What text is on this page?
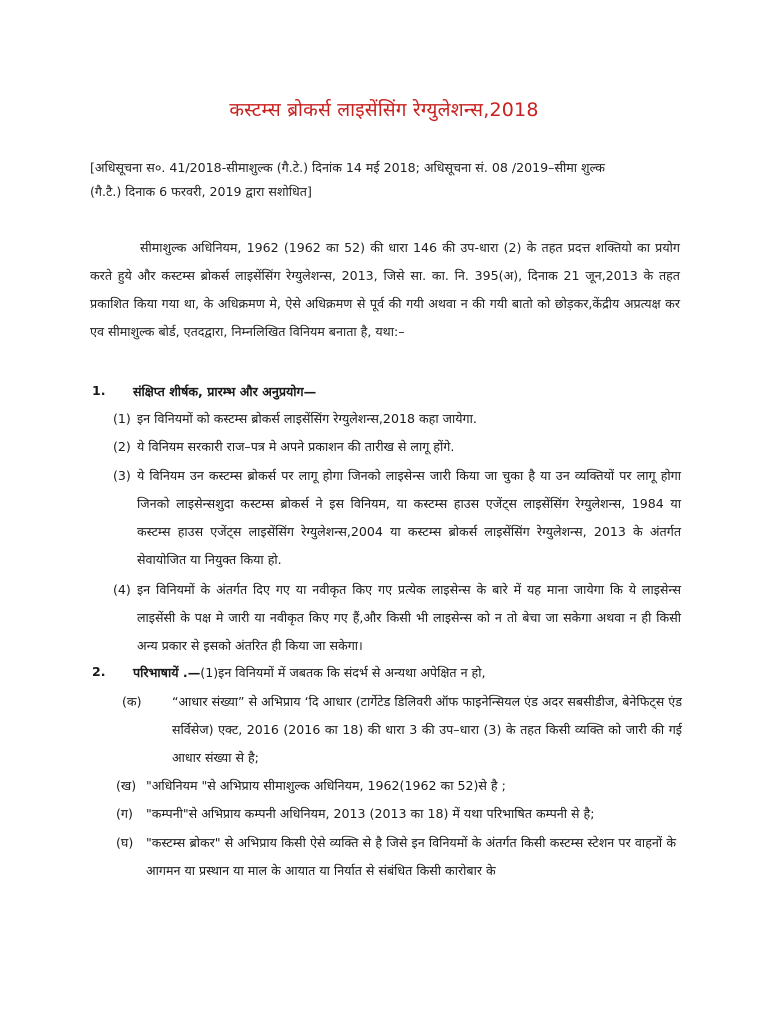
कस्टम्स ब्रोकर्स लाइसेंसिंग रेग्युलेशन्स,2018
[अधिसूचना स०. 41/2018-सीमाशुल्क (गै.टे.) दिनांक 14 मई 2018; अधिसूचना सं. 08 /2019–सीमा शुल्क
(गै.टै.) दिनाक 6 फरवरी, 2019 द्वारा सशोधित]
सीमाशुल्क अधिनियम, 1962 (1962 का 52) की धारा 146 की उप-धारा (2) के तहत प्रदत्त शक्तियो का प्रयोग करते हुये और कस्टम्स ब्रोकर्स लाइसेंसिंग रेग्युलेशन्स, 2013, जिसे सा. का. नि. 395(अ), दिनाक 21 जून,2013 के तहत प्रकाशित किया गया था, के अधिक्रमण मे, ऐसे अधिक्रमण से पूर्व की गयी अथवा न की गयी बातो को छोड़कर,केंद्रीय अप्रत्यक्ष कर एव सीमाशुल्क बोर्ड, एतदद्वारा, निम्नलिखित विनियम बनाता है, यथा:–
1. संक्षिप्त शीर्षक, प्रारम्भ और अनुप्रयोग—
(1) इन विनियमों को कस्टम्स ब्रोकर्स लाइसेंसिंग रेग्युलेशन्स,2018 कहा जायेगा.
(2) ये विनियम सरकारी राज–पत्र मे अपने प्रकाशन की तारीख से लागू होंगे.
(3) ये विनियम उन कस्टम्स ब्रोकर्स पर लागू होगा जिनको लाइसेन्स जारी किया जा चुका है या उन व्यक्तियों पर लागू होगा जिनको लाइसेन्सशुदा कस्टम्स ब्रोकर्स ने इस विनियम, या कस्टम्स हाउस एजेंट्स लाइसेंसिंग रेग्युलेशन्स, 1984 या कस्टम्स हाउस एजेंट्स लाइसेंसिंग रेग्युलेशन्स,2004 या कस्टम्स ब्रोकर्स लाइसेंसिंग रेग्युलेशन्स, 2013 के अंतर्गत सेवायोजित या नियुक्त किया हो.
(4) इन विनियमों के अंतर्गत दिए गए या नवीकृत किए गए प्रत्येक लाइसेन्स के बारे में यह माना जायेगा कि ये लाइसेन्स लाइसेंसी के पक्ष मे जारी या नवीकृत किए गए हैं,और किसी भी लाइसेन्स को न तो बेचा जा सकेगा अथवा न ही किसी अन्य प्रकार से इसको अंतरित ही किया जा सकेगा।
2. परिभाषायें .—(1)इन विनियमों में जबतक कि संदर्भ से अन्यथा अपेक्षित न हो,
(क)	“आधार संख्या” से अभिप्राय ‘दि आधार (टार्गेटेड डिलिवरी ऑफ फाइनेन्सियल एंड अदर सबसीडीज, बेनेफिट्स एंड सर्विसेज) एक्ट, 2016 (2016 का 18) की धारा 3 की उप–धारा (3) के तहत किसी व्यक्ति को जारी की गई आधार संख्या से है;
(ख) "अधिनियम "से अभिप्राय सीमाशुल्क अधिनियम, 1962(1962 का 52)से है ;
(ग)	"कम्पनी"से अभिप्राय कम्पनी अधिनियम, 2013 (2013 का 18) में यथा परिभाषित कम्पनी से है;
(घ)	"कस्टम्स ब्रोकर" से अभिप्राय किसी ऐसे व्यक्ति से है जिसे इन विनियमों के अंतर्गत किसी कस्टम्स स्टेशन पर वाहनों के आगमन या प्रस्थान या माल के आयात या निर्यात से संबंधित किसी कारोबार के
